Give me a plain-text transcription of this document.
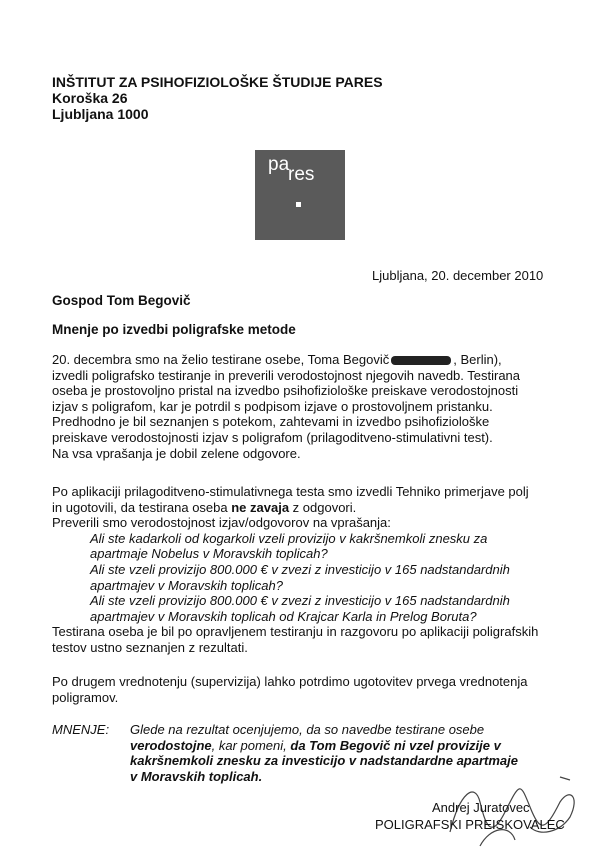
INŠTITUT ZA PSIHOFIZIOLOŠKE ŠTUDIJE PARES
Koroška 26
Ljubljana 1000
pa
res
Ljubljana, 20. december 2010
Gospod Tom Begovič
Mnenje po izvedbi poligrafske metode
20. decembra smo na želio testirane osebe, Toma Begovič	, Berlin),
izvedli poligrafsko testiranje in preverili verodostojnost njegovih navedb. Testirana
oseba je prostovoljno pristal na izvedbo psihofiziološke preiskave verodostojnosti
izjav s poligrafom, kar je potrdil s podpisom izjave o prostovoljnem pristanku.
Predhodno je bil seznanjen s potekom, zahtevami in izvedbo psihofiziološke
preiskave verodostojnosti izjav s poligrafom (prilagoditveno-stimulativni test).
Na vsa vprašanja je dobil zelene odgovore.
Po aplikaciji prilagoditveno-stimulativnega testa smo izvedli Tehniko primerjave polj
in ugotovili, da testirana oseba ne zavaja z odgovori.
Preverili smo verodostojnost izjav/odgovorov na vprašanja:
Ali ste kadarkoli od kogarkoli vzeli provizijo v kakršnemkoli znesku za
apartmaje Nobelus v Moravskih toplicah?
Ali ste vzeli provizijo 800.000 € v zvezi z investicijo v 165 nadstandardnih
apartmajev v Moravskih toplicah?
Ali ste vzeli provizijo 800.000 € v zvezi z investicijo v 165 nadstandardnih
apartmajev v Moravskih toplicah od Krajcar Karla in Prelog Boruta?
Testirana oseba je bil po opravljenem testiranju in razgovoru po aplikaciji poligrafskih
testov ustno seznanjen z rezultati.
Po drugem vrednotenju (supervizija) lahko potrdimo ugotovitev prvega vrednotenja
poligramov.
MNENJE: Glede na rezultat ocenjujemo, da so navedbe testirane osebe
verodostojne, kar pomeni, da Tom Begovič ni vzel provizije v
kakršnemkoli znesku za investicijo v nadstandardne apartmaje
v Moravskih toplicah.
Andrej Juratovec
POLIGRAFSKI PREISKOVALEC
